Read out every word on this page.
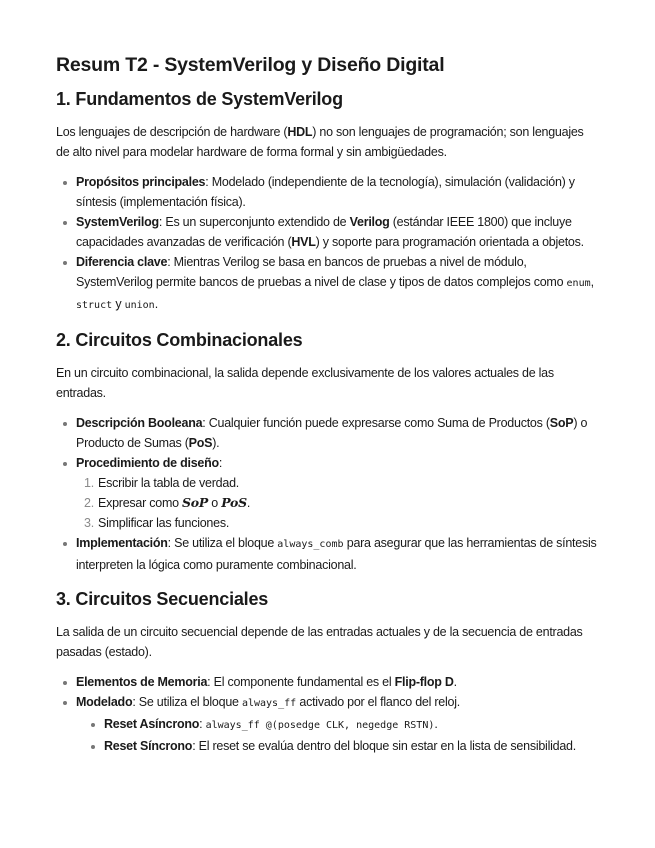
Resum T2 - SystemVerilog y Diseño Digital
1. Fundamentos de SystemVerilog

Los lenguajes de descripción de hardware (HDL) no son lenguajes de programación; son lenguajes de alto nivel para modelar hardware de forma formal y sin ambigüedades.

Propósitos principales: Modelado (independiente de la tecnología), simulación (validación) y síntesis (implementación física).
SystemVerilog: Es un superconjunto extendido de Verilog (estándar IEEE 1800) que incluye capacidades avanzadas de verificación (HVL) y soporte para programación orientada a objetos.
Diferencia clave: Mientras Verilog se basa en bancos de pruebas a nivel de módulo, SystemVerilog permite bancos de pruebas a nivel de clase y tipos de datos complejos como enum, struct y union.
2. Circuitos Combinacionales

En un circuito combinacional, la salida depende exclusivamente de los valores actuales de las entradas.

Descripción Booleana: Cualquier función puede expresarse como Suma de Productos (SoP) o Producto de Sumas (PoS).
Procedimiento de diseño:
1. Escribir la tabla de verdad.
2. Expresar como SoP o PoS.
3. Simplificar las funciones.
Implementación: Se utiliza el bloque always_comb para asegurar que las herramientas de síntesis interpreten la lógica como puramente combinacional.
3. Circuitos Secuenciales

La salida de un circuito secuencial depende de las entradas actuales y de la secuencia de entradas pasadas (estado).

Elementos de Memoria: El componente fundamental es el Flip-flop D.
Modelado: Se utiliza el bloque always_ff activado por el flanco del reloj.
Reset Asíncrono: always_ff @(posedge CLK, negedge RSTN).
Reset Síncrono: El reset se evalúa dentro del bloque sin estar en la lista de sensibilidad.
